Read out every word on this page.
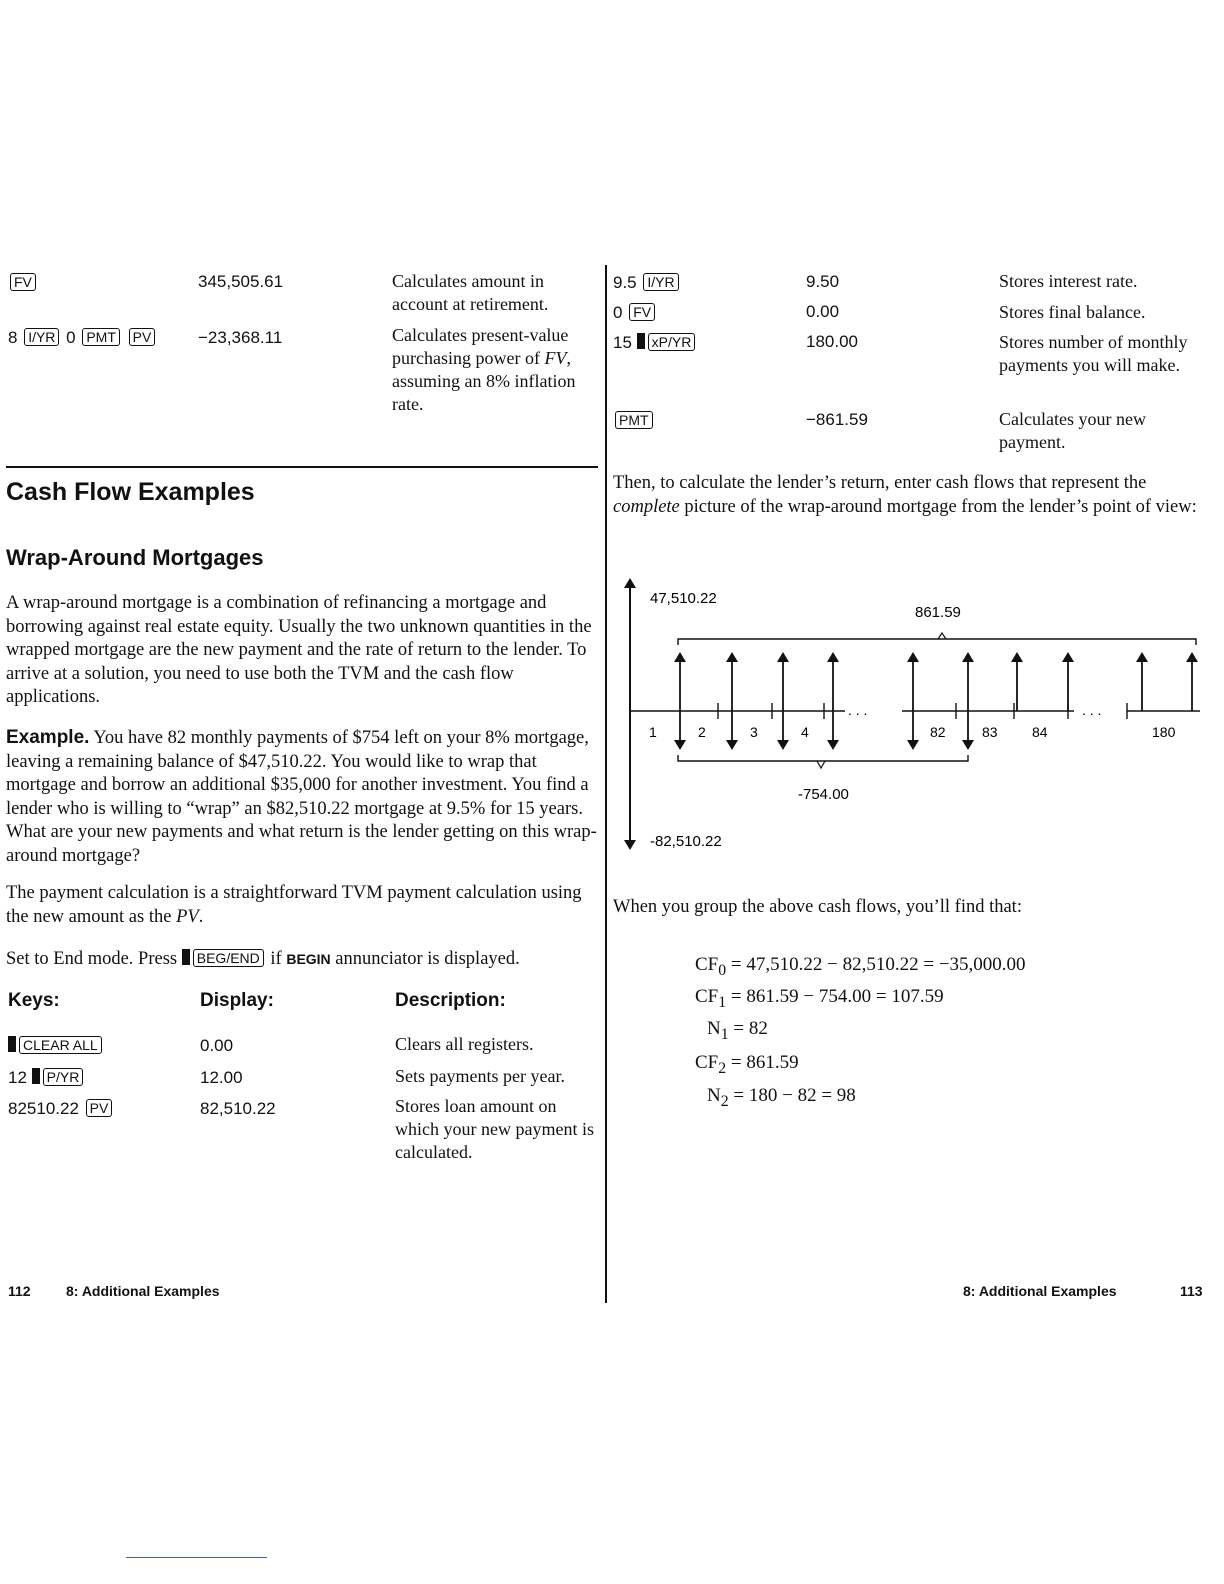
FV	345,505.61	Calculates amount in account at retirement.
8 I/YR 0 PMT PV	−23,368.11	Calculates present-value purchasing power of FV, assuming an 8% inflation rate.
Cash Flow Examples
Wrap-Around Mortgages
A wrap-around mortgage is a combination of refinancing a mortgage and borrowing against real estate equity. Usually the two unknown quantities in the wrapped mortgage are the new payment and the rate of return to the lender. To arrive at a solution, you need to use both the TVM and the cash flow applications.
Example. You have 82 monthly payments of $754 left on your 8% mortgage, leaving a remaining balance of $47,510.22. You would like to wrap that mortgage and borrow an additional $35,000 for another investment. You find a lender who is willing to “wrap” an $82,510.22 mortgage at 9.5% for 15 years. What are your new payments and what return is the lender getting on this wrap-around mortgage?
The payment calculation is a straightforward TVM payment calculation using the new amount as the PV.
Set to End mode. Press BEG/END if BEGIN annunciator is displayed.
Keys:	Display:	Description:
CLEAR ALL	0.00	Clears all registers.
12 P/YR	12.00	Sets payments per year.
82510.22 PV	82,510.22	Stores loan amount on which your new payment is calculated.
112	8: Additional Examples
9.5 I/YR	9.50	Stores interest rate.
0 FV	0.00	Stores final balance.
15 xP/YR	180.00	Stores number of monthly payments you will make.
PMT	−861.59	Calculates your new payment.
Then, to calculate the lender’s return, enter cash flows that represent the complete picture of the wrap-around mortgage from the lender’s point of view:
47,510.22
861.59
-754.00
-82,510.22
1	2	3	4	82	83 84	180
. . .	. . .
When you group the above cash flows, you’ll find that:
$CF_0 = 47,510.22 - 82,510.22 = -35,000.00$
$CF_1 = 861.59 - 754.00 = 107.59$
$N_1 = 82$
$CF_2 = 861.59$
$N_2 = 180 - 82 = 98$
8: Additional Examples	113
